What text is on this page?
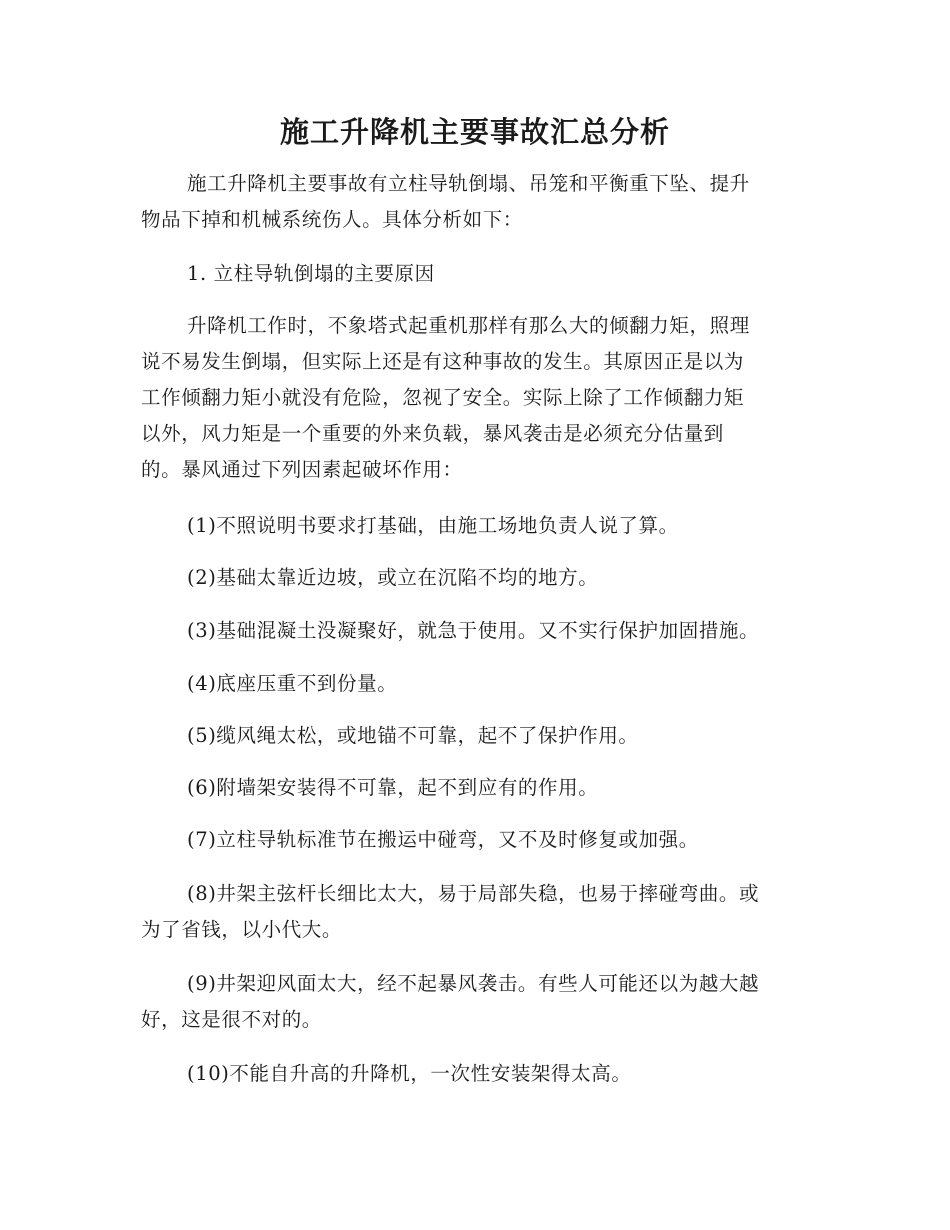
施工升降机主要事故汇总分析
施工升降机主要事故有立柱导轨倒塌、吊笼和平衡重下坠、提升
物品下掉和机械系统伤人。具体分析如下：
1. 立柱导轨倒塌的主要原因
升降机工作时，不象塔式起重机那样有那么大的倾翻力矩，照理
说不易发生倒塌，但实际上还是有这种事故的发生。其原因正是以为
工作倾翻力矩小就没有危险，忽视了安全。实际上除了工作倾翻力矩
以外，风力矩是一个重要的外来负载，暴风袭击是必须充分估量到
的。暴风通过下列因素起破坏作用：
(1)不照说明书要求打基础，由施工场地负责人说了算。
(2)基础太靠近边坡，或立在沉陷不均的地方。
(3)基础混凝土没凝聚好，就急于使用。又不实行保护加固措施。
(4)底座压重不到份量。
(5)缆风绳太松，或地锚不可靠，起不了保护作用。
(6)附墙架安装得不可靠，起不到应有的作用。
(7)立柱导轨标准节在搬运中碰弯，又不及时修复或加强。
(8)井架主弦杆长细比太大，易于局部失稳，也易于摔碰弯曲。或
为了省钱，以小代大。
(9)井架迎风面太大，经不起暴风袭击。有些人可能还以为越大越
好，这是很不对的。
(10)不能自升高的升降机，一次性安装架得太高。
